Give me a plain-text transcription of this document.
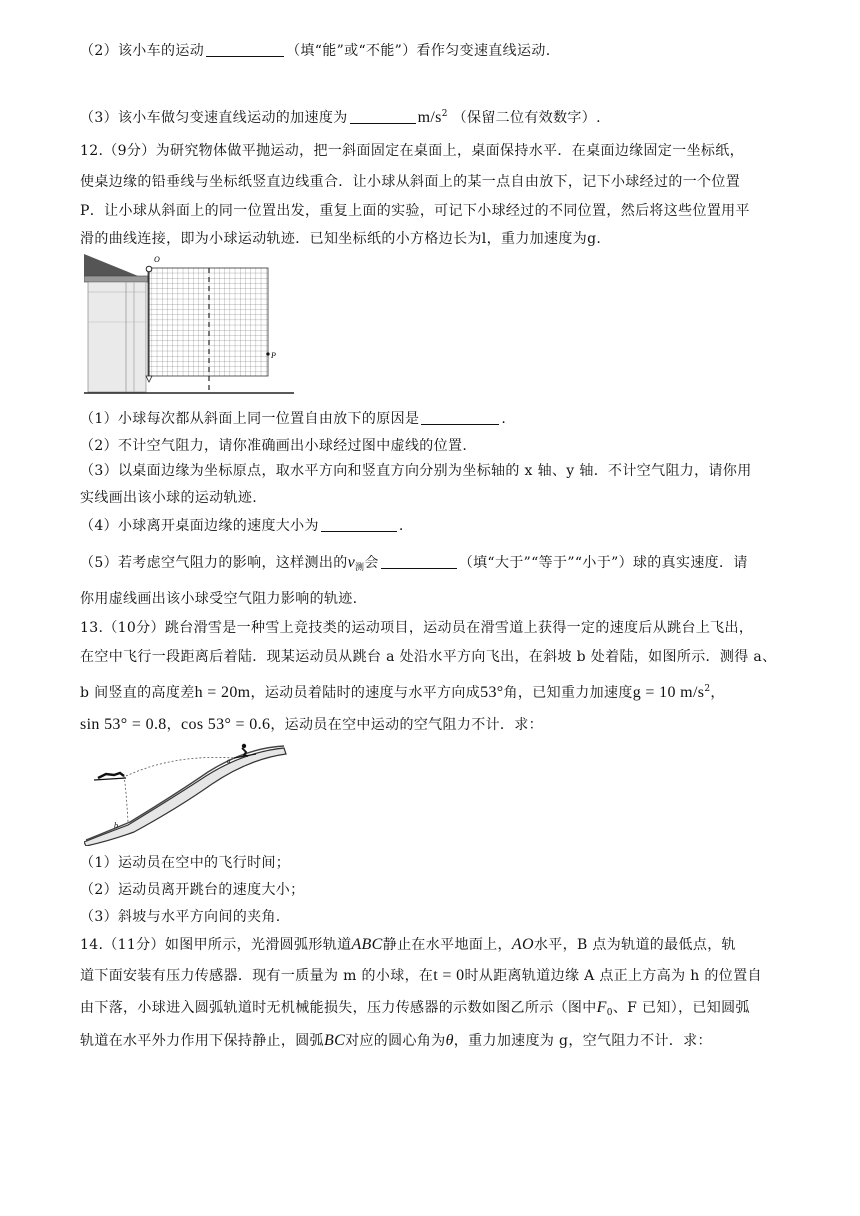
（2）该小车的运动	（填“能”或“不能”）看作匀变速直线运动.
（3）该小车做匀变速直线运动的加速度为	$m/s^2$ （保留二位有效数字）.
12.（9分）为研究物体做平抛运动，把一斜面固定在桌面上，桌面保持水平．在桌面边缘固定一坐标纸，
使桌边缘的铅垂线与坐标纸竖直边线重合．让小球从斜面上的某一点自由放下，记下小球经过的一个位置
P．让小球从斜面上的同一位置出发，重复上面的实验，可记下小球经过的不同位置，然后将这些位置用平
滑的曲线连接，即为小球运动轨迹．已知坐标纸的小方格边长为l，重力加速度为g.
O
P
（1）小球每次都从斜面上同一位置自由放下的原因是	.
（2）不计空气阻力，请你准确画出小球经过图中虚线的位置.
（3）以桌面边缘为坐标原点，取水平方向和竖直方向分别为坐标轴的 x 轴、y 轴．不计空气阻力，请你用
实线画出该小球的运动轨迹.
（4）小球离开桌面边缘的速度大小为	.
（5）若考虑空气阻力的影响，这样测出的$v_测$会	（填“大于”“等于”“小于”）球的真实速度．请
你用虚线画出该小球受空气阻力影响的轨迹.
13.（10分）跳台滑雪是一种雪上竞技类的运动项目，运动员在滑雪道上获得一定的速度后从跳台上飞出，
在空中飞行一段距离后着陆．现某运动员从跳台 a 处沿水平方向飞出，在斜坡 b 处着陆，如图所示．测得 a、
b 间竖直的高度差h = 20m，运动员着陆时的速度与水平方向成53°角，已知重力加速度g = 10 $m/s^2$，
sin 53° = 0.8，cos 53° = 0.6，运动员在空中运动的空气阻力不计．求：
b
a
（1）运动员在空中的飞行时间；
（2）运动员离开跳台的速度大小；
（3）斜坡与水平方向间的夹角.
14.（11分）如图甲所示，光滑圆弧形轨道ABC静止在水平地面上，AO水平，B 点为轨道的最低点，轨
道下面安装有压力传感器．现有一质量为 m 的小球，在t = 0时从距离轨道边缘 A 点正上方高为 h 的位置自
由下落，小球进入圆弧轨道时无机械能损失，压力传感器的示数如图乙所示（图中$F_0$、F 已知），已知圆弧
轨道在水平外力作用下保持静止，圆弧BC对应的圆心角为θ，重力加速度为 g，空气阻力不计．求：
